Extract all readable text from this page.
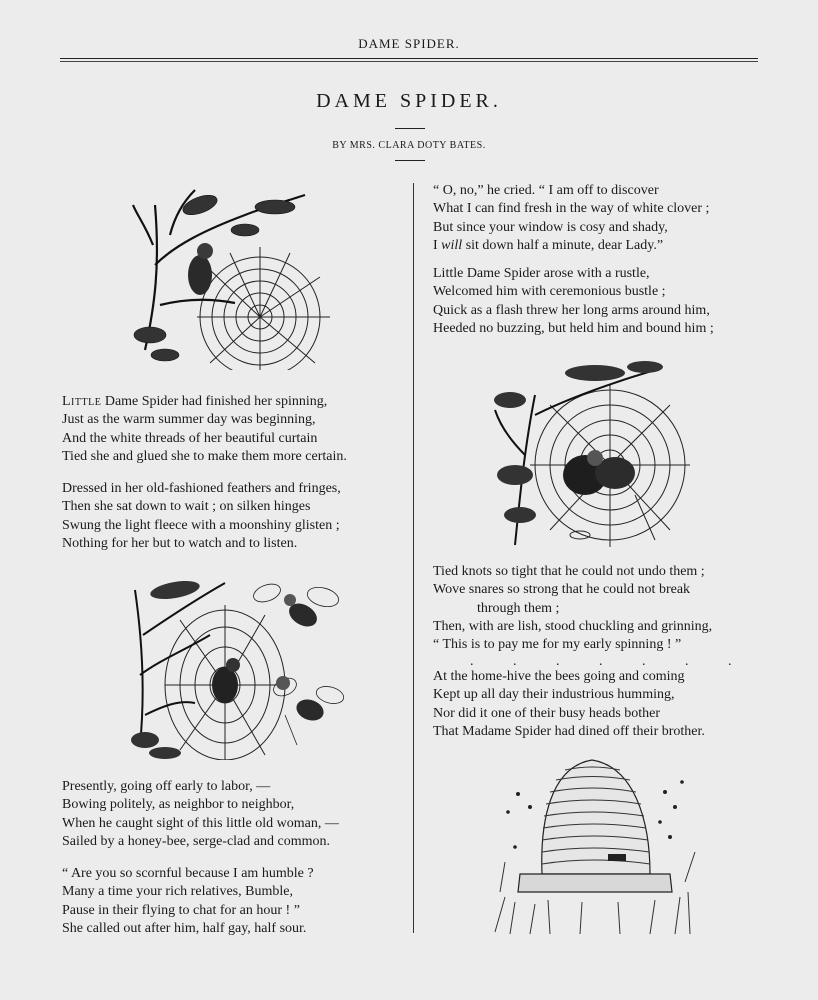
DAME SPIDER.
DAME SPIDER.
BY MRS. CLARA DOTY BATES.
Little Dame Spider had finished her spinning,
Just as the warm summer day was beginning,
And the white threads of her beautiful curtain
Tied she and glued she to make them more certain.
Dressed in her old-fashioned feathers and fringes,
Then she sat down to wait ; on silken hinges
Swung the light fleece with a moonshiny glisten ;
Nothing for her but to watch and to listen.
Presently, going off early to labor, —
Bowing politely, as neighbor to neighbor,
When he caught sight of this little old woman, —
Sailed by a honey-bee, serge-clad and common.
“ Are you so scornful because I am humble ?
Many a time your rich relatives, Bumble,
Pause in their flying to chat for an hour ! ”
She called out after him, half gay, half sour.
“ O, no,” he cried. “ I am off to discover
What I can find fresh in the way of white clover ;
But since your window is cosy and shady,
I will sit down half a minute, dear Lady.”
Little Dame Spider arose with a rustle,
Welcomed him with ceremonious bustle ;
Quick as a flash threw her long arms around him,
Heeded no buzzing, but held him and bound him ;
Tied knots so tight that he could not undo them ;
Wove snares so strong that he could not break
through them ;
Then, with are lish, stood chuckling and grinning,
“ This is to pay me for my early spinning ! ”
. . . . . . .
At the home-hive the bees going and coming
Kept up all day their industrious humming,
Nor did it one of their busy heads bother
That Madame Spider had dined off their brother.
